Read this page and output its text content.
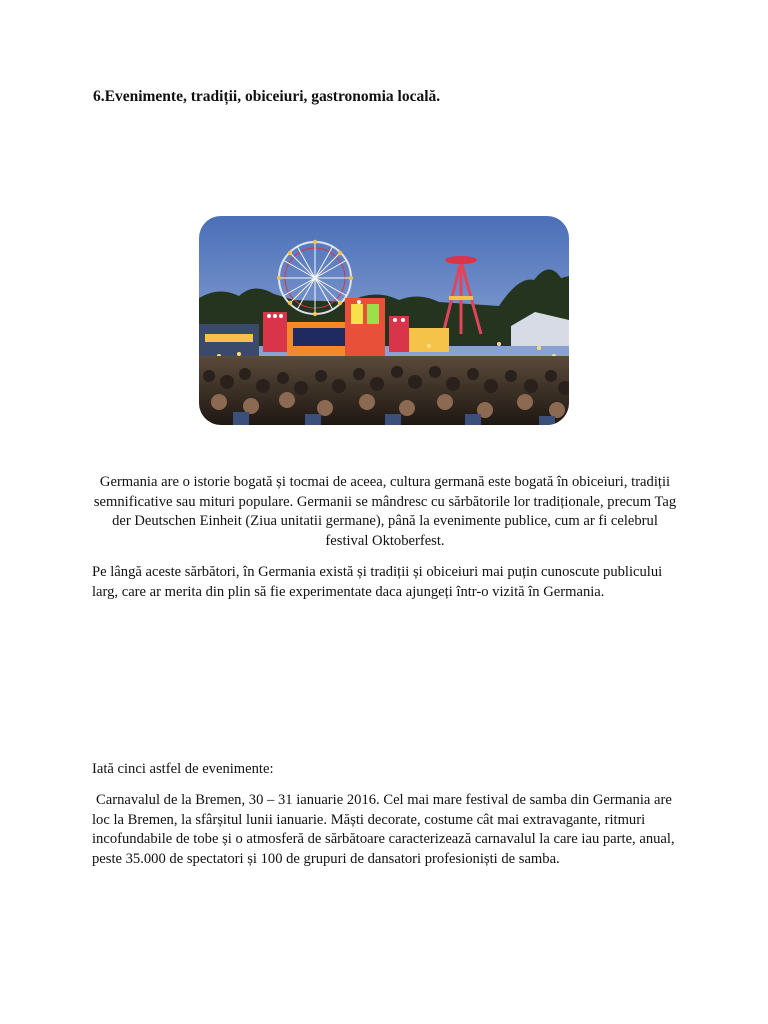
6.Evenimente, tradiții, obiceiuri, gastronomia locală.

Germania are o istorie bogată și tocmai de aceea, cultura germană este bogată în obiceiuri, tradiții semnificative sau mituri populare. Germanii se mândresc cu sărbătorile lor tradiționale, precum Tag der Deutschen Einheit (Ziua unitatii germane), până la evenimente publice, cum ar fi celebrul festival Oktoberfest.

Pe lângă aceste sărbători, în Germania există și tradiții și obiceiuri mai puțin cunoscute publicului larg, care ar merita din plin să fie experimentate daca ajungeți într-o vizită în Germania.

Iată cinci astfel de evenimente:

Carnavalul de la Bremen, 30 – 31 ianuarie 2016. Cel mai mare festival de samba din Germania are loc la Bremen, la sfârșitul lunii ianuarie. Măști decorate, costume cât mai extravagante, ritmuri incofundabile de tobe și o atmosferă de sărbătoare caracterizează carnavalul la care iau parte, anual, peste 35.000 de spectatori și 100 de grupuri de dansatori profesioniști de samba.
